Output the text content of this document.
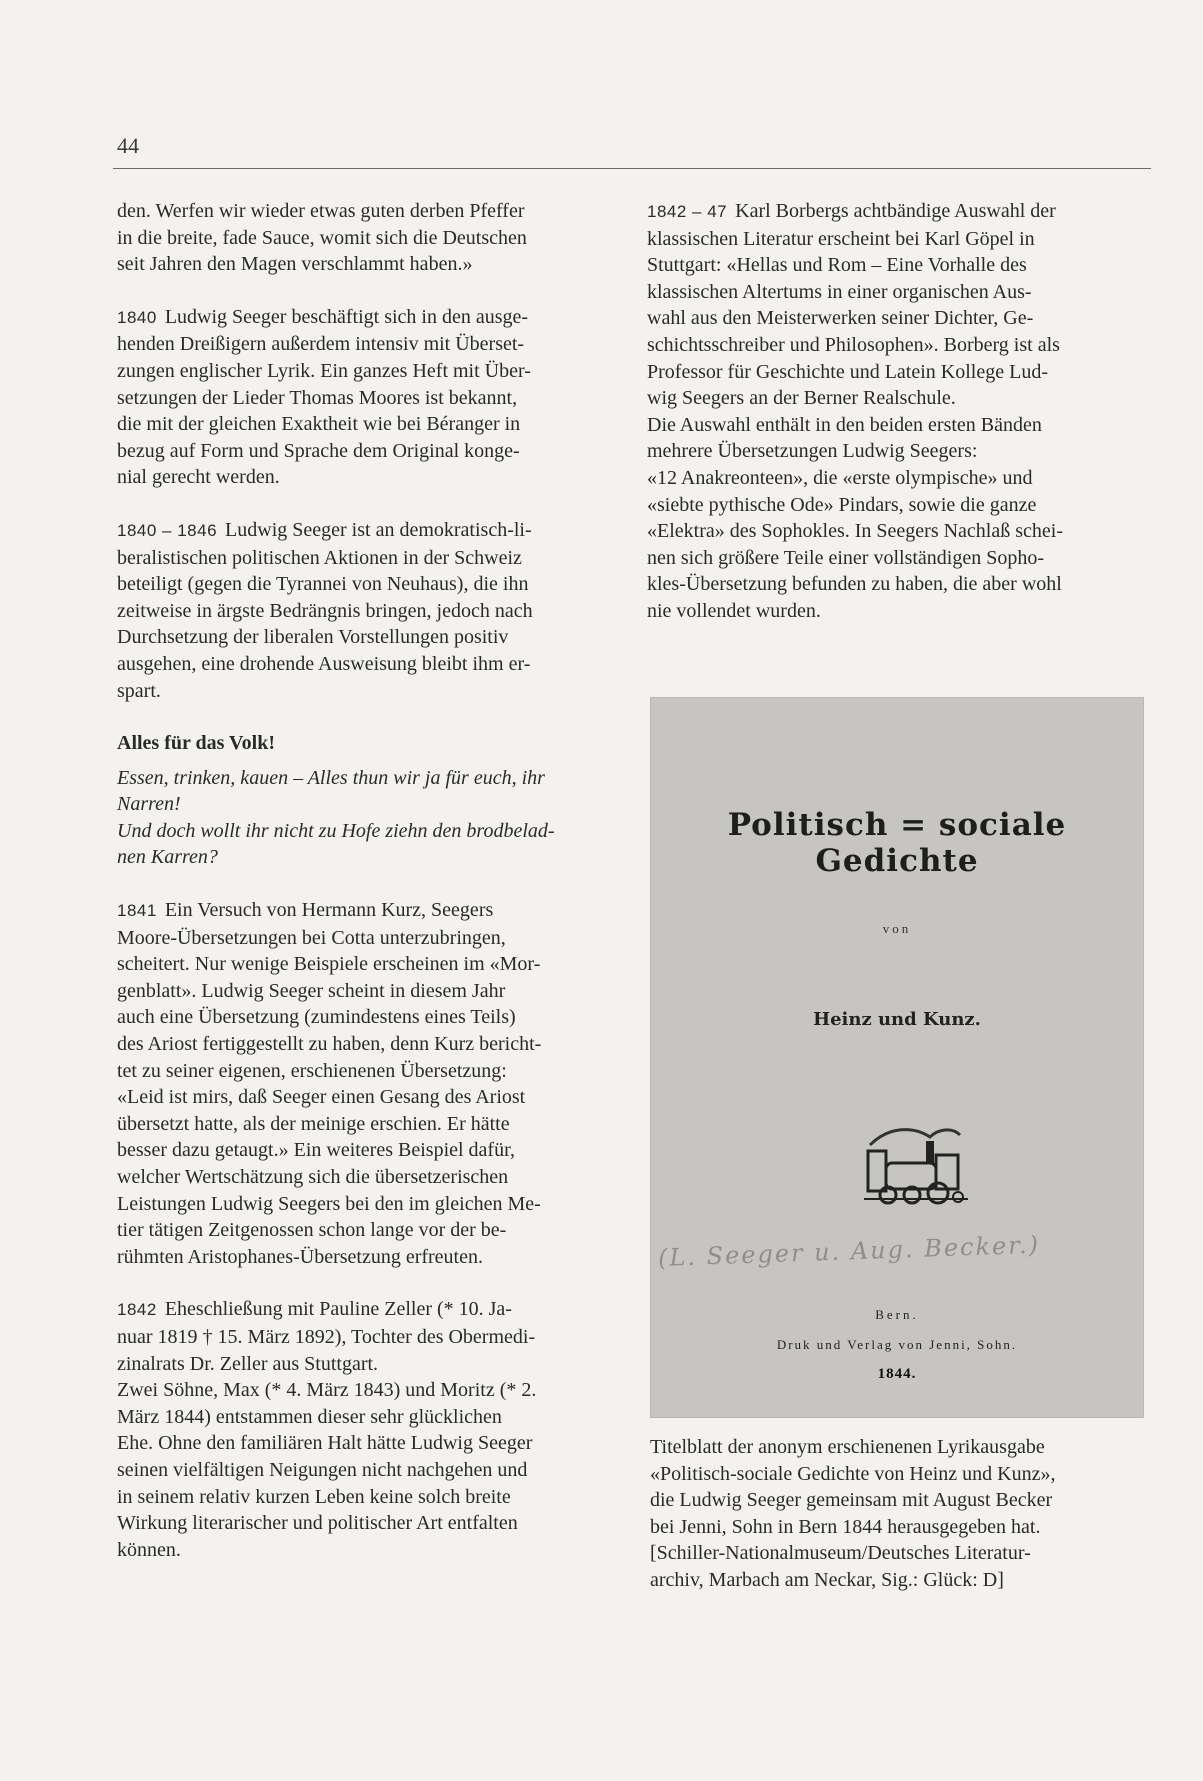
44
den. Werfen wir wieder etwas guten derben Pfeffer
in die breite, fade Sauce, womit sich die Deutschen
seit Jahren den Magen verschlammt haben.»
1840 Ludwig Seeger beschäftigt sich in den ausge-
henden Dreißigern außerdem intensiv mit Überset-
zungen englischer Lyrik. Ein ganzes Heft mit Über-
setzungen der Lieder Thomas Moores ist bekannt,
die mit der gleichen Exaktheit wie bei Béranger in
bezug auf Form und Sprache dem Original konge-
nial gerecht werden.
1840 – 1846 Ludwig Seeger ist an demokratisch-li-
beralistischen politischen Aktionen in der Schweiz
beteiligt (gegen die Tyrannei von Neuhaus), die ihn
zeitweise in ärgste Bedrängnis bringen, jedoch nach
Durchsetzung der liberalen Vorstellungen positiv
ausgehen, eine drohende Ausweisung bleibt ihm er-
spart.
Alles für das Volk!
Essen, trinken, kauen – Alles thun wir ja für euch, ihr
Narren!
Und doch wollt ihr nicht zu Hofe ziehn den brodbelad-
nen Karren?
1841 Ein Versuch von Hermann Kurz, Seegers
Moore-Übersetzungen bei Cotta unterzubringen,
scheitert. Nur wenige Beispiele erscheinen im «Mor-
genblatt». Ludwig Seeger scheint in diesem Jahr
auch eine Übersetzung (zumindestens eines Teils)
des Ariost fertiggestellt zu haben, denn Kurz bericht-
tet zu seiner eigenen, erschienenen Übersetzung:
«Leid ist mirs, daß Seeger einen Gesang des Ariost
übersetzt hatte, als der meinige erschien. Er hätte
besser dazu getaugt.» Ein weiteres Beispiel dafür,
welcher Wertschätzung sich die übersetzerischen
Leistungen Ludwig Seegers bei den im gleichen Me-
tier tätigen Zeitgenossen schon lange vor der be-
rühmten Aristophanes-Übersetzung erfreuten.
1842 Eheschließung mit Pauline Zeller (* 10. Ja-
nuar 1819 † 15. März 1892), Tochter des Obermedi-
zinalrats Dr. Zeller aus Stuttgart.
Zwei Söhne, Max (* 4. März 1843) und Moritz (* 2.
März 1844) entstammen dieser sehr glücklichen
Ehe. Ohne den familiären Halt hätte Ludwig Seeger
seinen vielfältigen Neigungen nicht nachgehen und
in seinem relativ kurzen Leben keine solch breite
Wirkung literarischer und politischer Art entfalten
können.
1842 – 47 Karl Borbergs achtbändige Auswahl der
klassischen Literatur erscheint bei Karl Göpel in
Stuttgart: «Hellas und Rom – Eine Vorhalle des
klassischen Altertums in einer organischen Aus-
wahl aus den Meisterwerken seiner Dichter, Ge-
schichtsschreiber und Philosophen». Borberg ist als
Professor für Geschichte und Latein Kollege Lud-
wig Seegers an der Berner Realschule.
Die Auswahl enthält in den beiden ersten Bänden
mehrere Übersetzungen Ludwig Seegers:
«12 Anakreonteen», die «erste olympische» und
«siebte pythische Ode» Pindars, sowie die ganze
«Elektra» des Sophokles. In Seegers Nachlaß schei-
nen sich größere Teile einer vollständigen Sopho-
kles-Übersetzung befunden zu haben, die aber wohl
nie vollendet wurden.
Politisch = sociale Gedichte
von
Heinz und Kunz.
(L. Seeger u. Aug. Becker.)
Bern.
Druk und Verlag von Jenni, Sohn.
1844.
Titelblatt der anonym erschienenen Lyrikausgabe
«Politisch-sociale Gedichte von Heinz und Kunz»,
die Ludwig Seeger gemeinsam mit August Becker
bei Jenni, Sohn in Bern 1844 herausgegeben hat.
[Schiller-Nationalmuseum/Deutsches Literatur-
archiv, Marbach am Neckar, Sig.: Glück: D]
